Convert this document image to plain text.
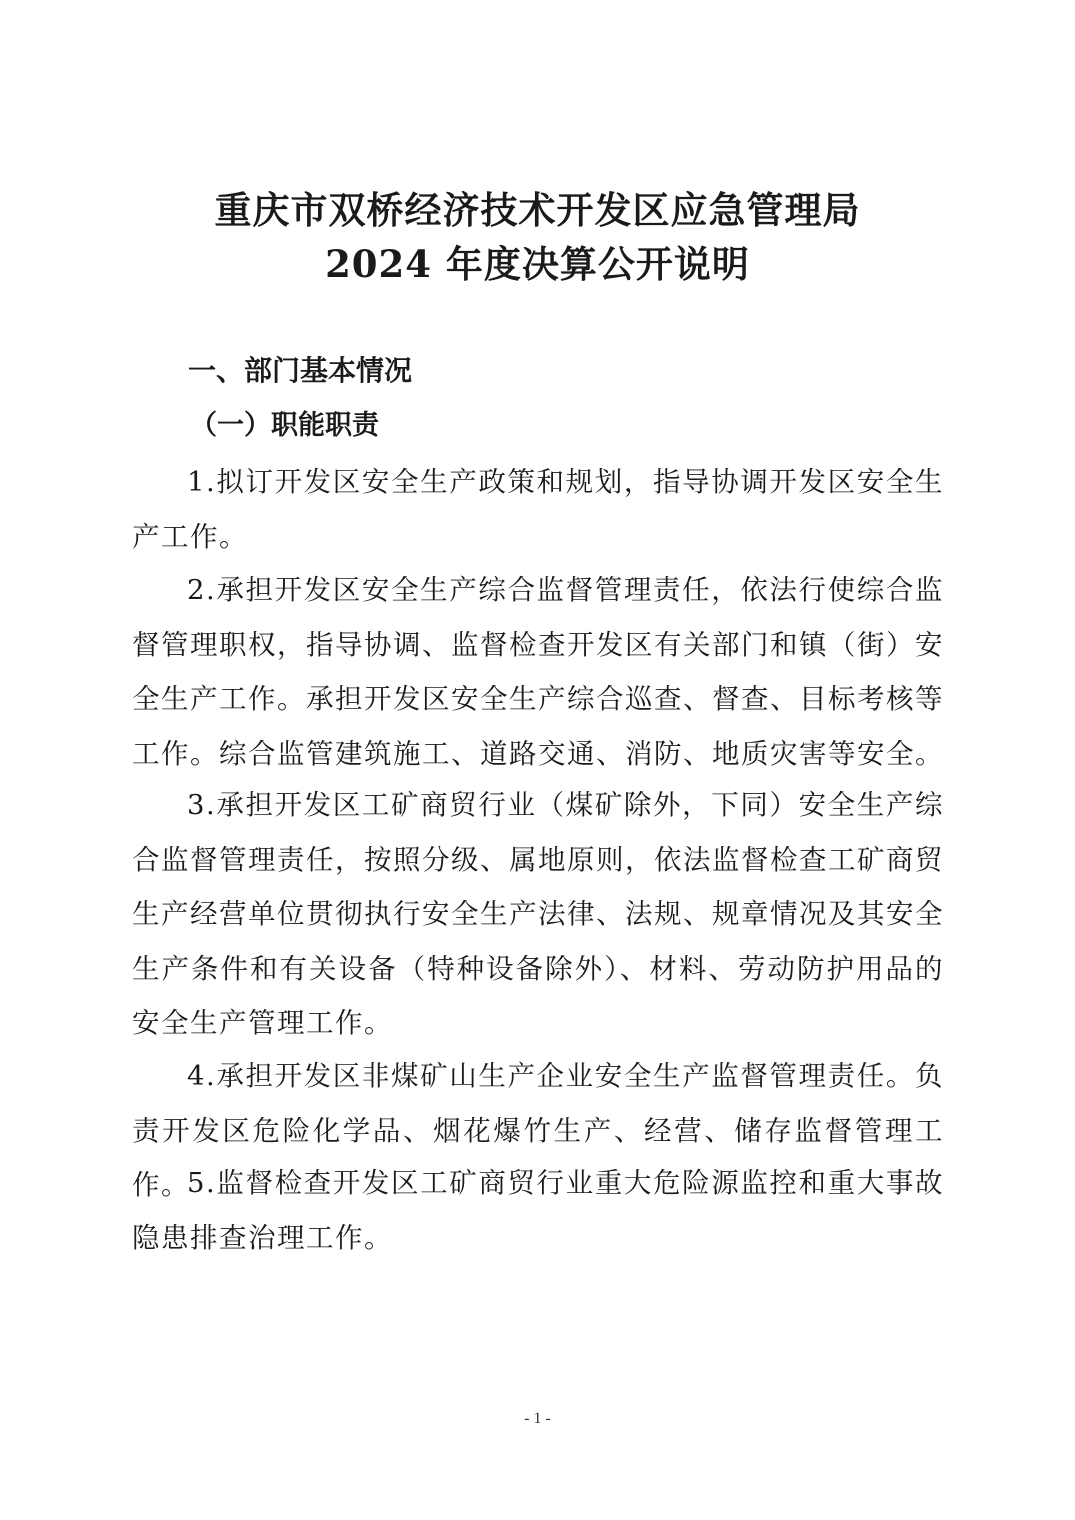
重庆市双桥经济技术开发区应急管理局
2024 年度决算公开说明
一、部门基本情况
（一）职能职责

1.拟订开发区安全生产政策和规划，指导协调开发区安全生产工作。

2.承担开发区安全生产综合监督管理责任，依法行使综合监督管理职权，指导协调、监督检查开发区有关部门和镇（街）安全生产工作。承担开发区安全生产综合巡查、督查、目标考核等工作。综合监管建筑施工、道路交通、消防、地质灾害等安全。

3.承担开发区工矿商贸行业（煤矿除外，下同）安全生产综合监督管理责任，按照分级、属地原则，依法监督检查工矿商贸生产经营单位贯彻执行安全生产法律、法规、规章情况及其安全生产条件和有关设备（特种设备除外）、材料、劳动防护用品的安全生产管理工作。

4.承担开发区非煤矿山生产企业安全生产监督管理责任。负责开发区危险化学品、烟花爆竹生产、经营、储存监督管理工作。

5.监督检查开发区工矿商贸行业重大危险源监控和重大事故隐患排查治理工作。

- 1 -
